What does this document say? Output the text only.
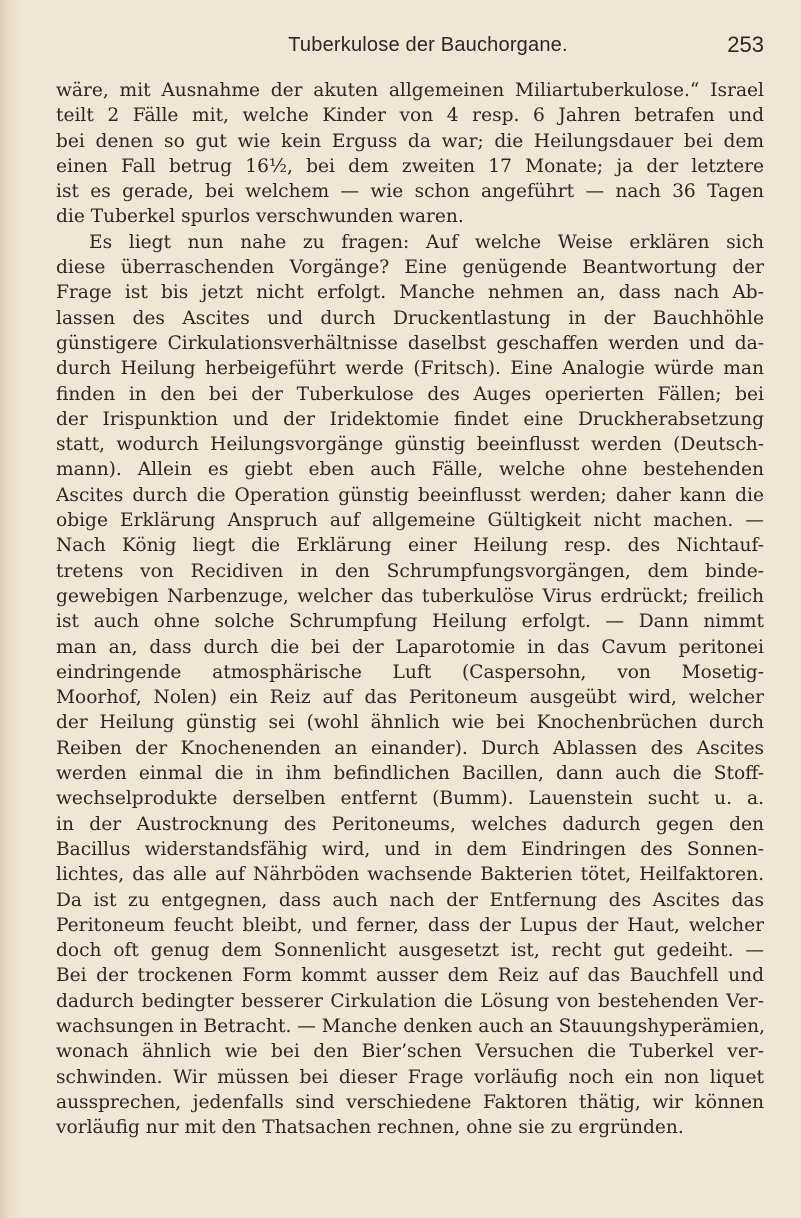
Tuberkulose der Bauchorgane.	253
wäre, mit Ausnahme der akuten allgemeinen Miliartuberkulose.“ Israel
teilt 2 Fälle mit, welche Kinder von 4 resp. 6 Jahren betrafen und
bei denen so gut wie kein Erguss da war; die Heilungsdauer bei dem
einen Fall betrug 16½, bei dem zweiten 17 Monate; ja der letztere
ist es gerade, bei welchem — wie schon angeführt — nach 36 Tagen
die Tuberkel spurlos verschwunden waren.
Es liegt nun nahe zu fragen: Auf welche Weise erklären sich
diese überraschenden Vorgänge? Eine genügende Beantwortung der
Frage ist bis jetzt nicht erfolgt. Manche nehmen an, dass nach Ab-
lassen des Ascites und durch Druckentlastung in der Bauchhöhle
günstigere Cirkulationsverhältnisse daselbst geschaffen werden und da-
durch Heilung herbeigeführt werde (Fritsch). Eine Analogie würde man
finden in den bei der Tuberkulose des Auges operierten Fällen; bei
der Irispunktion und der Iridektomie findet eine Druckherabsetzung
statt, wodurch Heilungsvorgänge günstig beeinflusst werden (Deutsch-
mann). Allein es giebt eben auch Fälle, welche ohne bestehenden
Ascites durch die Operation günstig beeinflusst werden; daher kann die
obige Erklärung Anspruch auf allgemeine Gültigkeit nicht machen. —
Nach König liegt die Erklärung einer Heilung resp. des Nichtauf-
tretens von Recidiven in den Schrumpfungsvorgängen, dem binde-
gewebigen Narbenzuge, welcher das tuberkulöse Virus erdrückt; freilich
ist auch ohne solche Schrumpfung Heilung erfolgt. — Dann nimmt
man an, dass durch die bei der Laparotomie in das Cavum peritonei
eindringende atmosphärische Luft (Caspersohn, von Mosetig-
Moorhof, Nolen) ein Reiz auf das Peritoneum ausgeübt wird, welcher
der Heilung günstig sei (wohl ähnlich wie bei Knochenbrüchen durch
Reiben der Knochenenden an einander). Durch Ablassen des Ascites
werden einmal die in ihm befindlichen Bacillen, dann auch die Stoff-
wechselprodukte derselben entfernt (Bumm). Lauenstein sucht u. a.
in der Austrocknung des Peritoneums, welches dadurch gegen den
Bacillus widerstandsfähig wird, und in dem Eindringen des Sonnen-
lichtes, das alle auf Nährböden wachsende Bakterien tötet, Heilfaktoren.
Da ist zu entgegnen, dass auch nach der Entfernung des Ascites das
Peritoneum feucht bleibt, und ferner, dass der Lupus der Haut, welcher
doch oft genug dem Sonnenlicht ausgesetzt ist, recht gut gedeiht. —
Bei der trockenen Form kommt ausser dem Reiz auf das Bauchfell und
dadurch bedingter besserer Cirkulation die Lösung von bestehenden Ver-
wachsungen in Betracht. — Manche denken auch an Stauungshyperämien,
wonach ähnlich wie bei den Bier’schen Versuchen die Tuberkel ver-
schwinden. Wir müssen bei dieser Frage vorläufig noch ein non liquet
aussprechen, jedenfalls sind verschiedene Faktoren thätig, wir können
vorläufig nur mit den Thatsachen rechnen, ohne sie zu ergründen.
